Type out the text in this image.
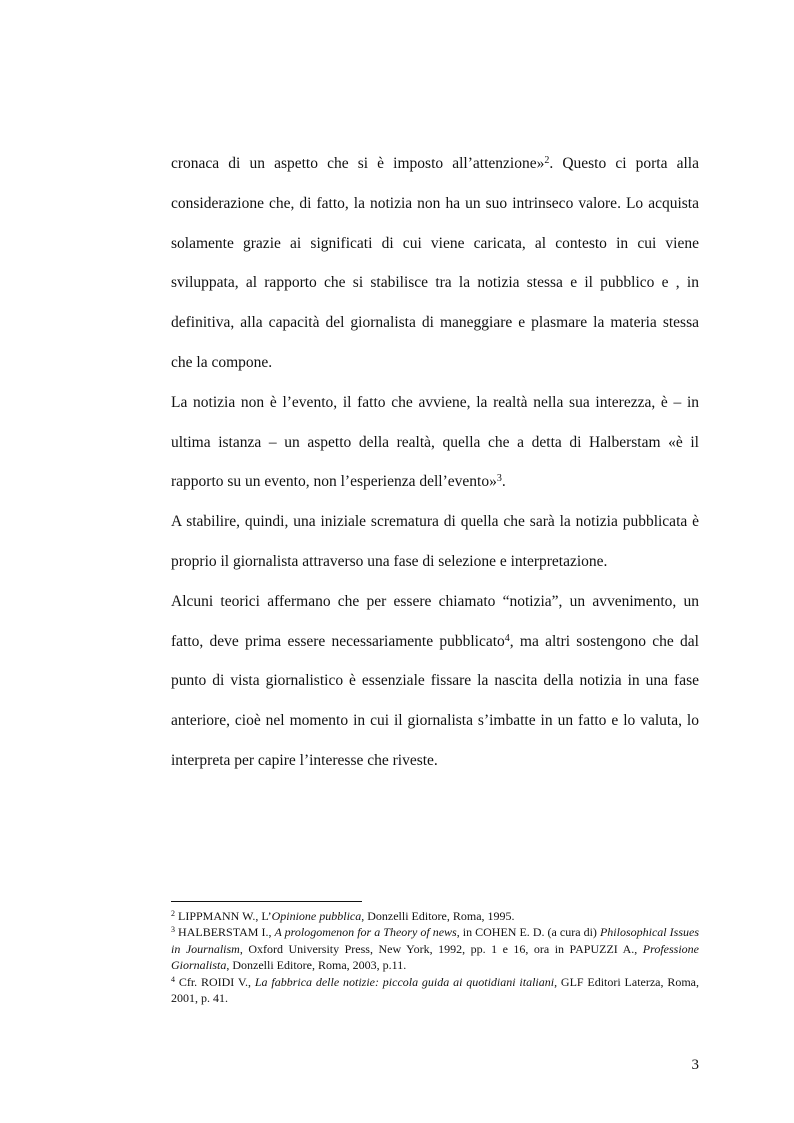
cronaca di un aspetto che si è imposto all’attenzione»$^2$. Questo ci porta alla considerazione che, di fatto, la notizia non ha un suo intrinseco valore. Lo acquista solamente grazie ai significati di cui viene caricata, al contesto in cui viene sviluppata, al rapporto che si stabilisce tra la notizia stessa e il pubblico e , in definitiva, alla capacità del giornalista di maneggiare e plasmare la materia stessa che la compone.

La notizia non è l’evento, il fatto che avviene, la realtà nella sua interezza, è – in ultima istanza – un aspetto della realtà, quella che a detta di Halberstam «è il rapporto su un evento, non l’esperienza dell’evento»$^3$.

A stabilire, quindi, una iniziale scrematura di quella che sarà la notizia pubblicata è proprio il giornalista attraverso una fase di selezione e interpretazione.

Alcuni teorici affermano che per essere chiamato “notizia”, un avvenimento, un fatto, deve prima essere necessariamente pubblicato$^4$, ma altri sostengono che dal punto di vista giornalistico è essenziale fissare la nascita della notizia in una fase anteriore, cioè nel momento in cui il giornalista s’imbatte in un fatto e lo valuta, lo interpreta per capire l’interesse che riveste.

$^2$ LIPPMANN W., L’Opinione pubblica, Donzelli Editore, Roma, 1995.

$^3$ HALBERSTAM I., A prologomenon for a Theory of news, in COHEN E. D. (a cura di) Philosophical Issues in Journalism, Oxford University Press, New York, 1992, pp. 1 e 16, ora in PAPUZZI A., Professione Giornalista, Donzelli Editore, Roma, 2003, p.11.

$^4$ Cfr. ROIDI V., La fabbrica delle notizie: piccola guida ai quotidiani italiani, GLF Editori Laterza, Roma, 2001, p. 41.

3
